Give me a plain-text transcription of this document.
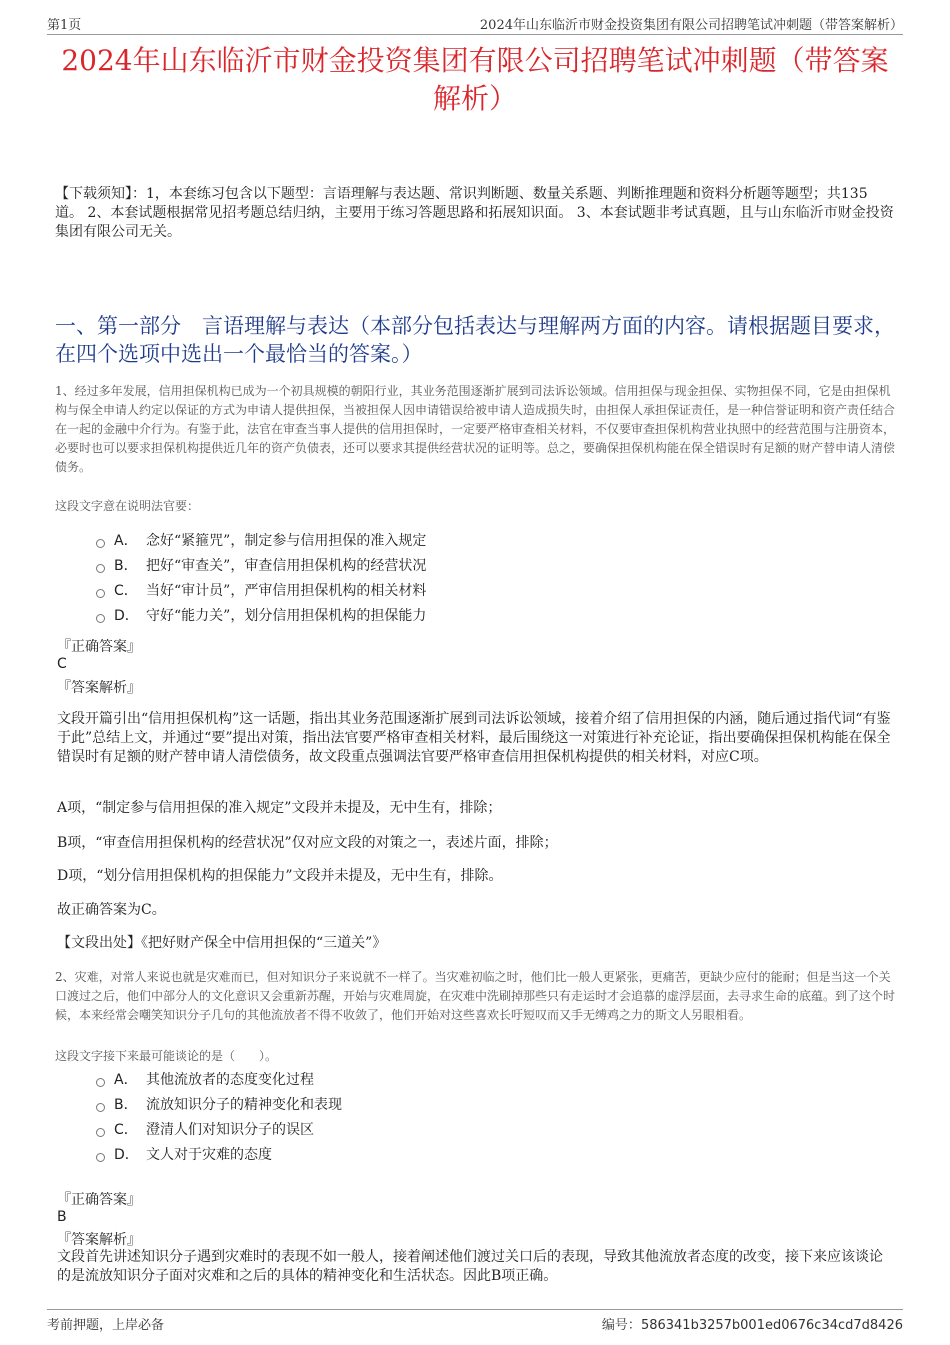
第1页	2024年山东临沂市财金投资集团有限公司招聘笔试冲刺题（带答案解析）
2024年山东临沂市财金投资集团有限公司招聘笔试冲刺题（带答案解析）
【下载须知】：1，本套练习包含以下题型：言语理解与表达题、常识判断题、数量关系题、判断推理题和资料分析题等题型；共135道。 2、本套试题根据常见招考题总结归纳，主要用于练习答题思路和拓展知识面。 3、本套试题非考试真题，且与山东临沂市财金投资集团有限公司无关。
一、第一部分　言语理解与表达（本部分包括表达与理解两方面的内容。请根据题目要求，在四个选项中选出一个最恰当的答案。）
1、经过多年发展，信用担保机构已成为一个初具规模的朝阳行业，其业务范围逐渐扩展到司法诉讼领域。信用担保与现金担保、实物担保不同，它是由担保机构与保全申请人约定以保证的方式为申请人提供担保，当被担保人因申请错误给被申请人造成损失时，由担保人承担保证责任，是一种信誉证明和资产责任结合在一起的金融中介行为。有鉴于此，法官在审查当事人提供的信用担保时，一定要严格审查相关材料，不仅要审查担保机构营业执照中的经营范围与注册资本，必要时也可以要求担保机构提供近几年的资产负债表，还可以要求其提供经营状况的证明等。总之，要确保担保机构能在保全错误时有足额的财产替申请人清偿债务。
这段文字意在说明法官要：
A． 念好“紧箍咒”，制定参与信用担保的准入规定
B． 把好“审查关”，审查信用担保机构的经营状况
C． 当好“审计员”，严审信用担保机构的相关材料
D． 守好“能力关”，划分信用担保机构的担保能力
『正确答案』
C
『答案解析』
文段开篇引出“信用担保机构”这一话题，指出其业务范围逐渐扩展到司法诉讼领域，接着介绍了信用担保的内涵，随后通过指代词“有鉴于此”总结上文，并通过“要”提出对策，指出法官要严格审查相关材料，最后围绕这一对策进行补充论证，指出要确保担保机构能在保全错误时有足额的财产替申请人清偿债务，故文段重点强调法官要严格审查信用担保机构提供的相关材料，对应C项。
A项，“制定参与信用担保的准入规定”文段并未提及，无中生有，排除；
B项，“审查信用担保机构的经营状况”仅对应文段的对策之一，表述片面，排除；
D项，“划分信用担保机构的担保能力”文段并未提及，无中生有，排除。
故正确答案为C。
【文段出处】《把好财产保全中信用担保的“三道关”》
2、灾难，对常人来说也就是灾难而已，但对知识分子来说就不一样了。当灾难初临之时，他们比一般人更紧张，更痛苦，更缺少应付的能耐；但是当这一个关口渡过之后，他们中部分人的文化意识又会重新苏醒，开始与灾难周旋，在灾难中洗刷掉那些只有走运时才会追慕的虚浮层面，去寻求生命的底蕴。到了这个时候，本来经常会嘲笑知识分子几句的其他流放者不得不收敛了，他们开始对这些喜欢长吁短叹而又手无缚鸡之力的斯文人另眼相看。
这段文字接下来最可能谈论的是（　　）。
A． 其他流放者的态度变化过程
B． 流放知识分子的精神变化和表现
C． 澄清人们对知识分子的误区
D． 文人对于灾难的态度
『正确答案』
B
『答案解析』
文段首先讲述知识分子遇到灾难时的表现不如一般人，接着阐述他们渡过关口后的表现，导致其他流放者态度的改变，接下来应该谈论的是流放知识分子面对灾难和之后的具体的精神变化和生活状态。因此B项正确。
考前押题，上岸必备	编号：586341b3257b001ed0676c34cd7d8426
